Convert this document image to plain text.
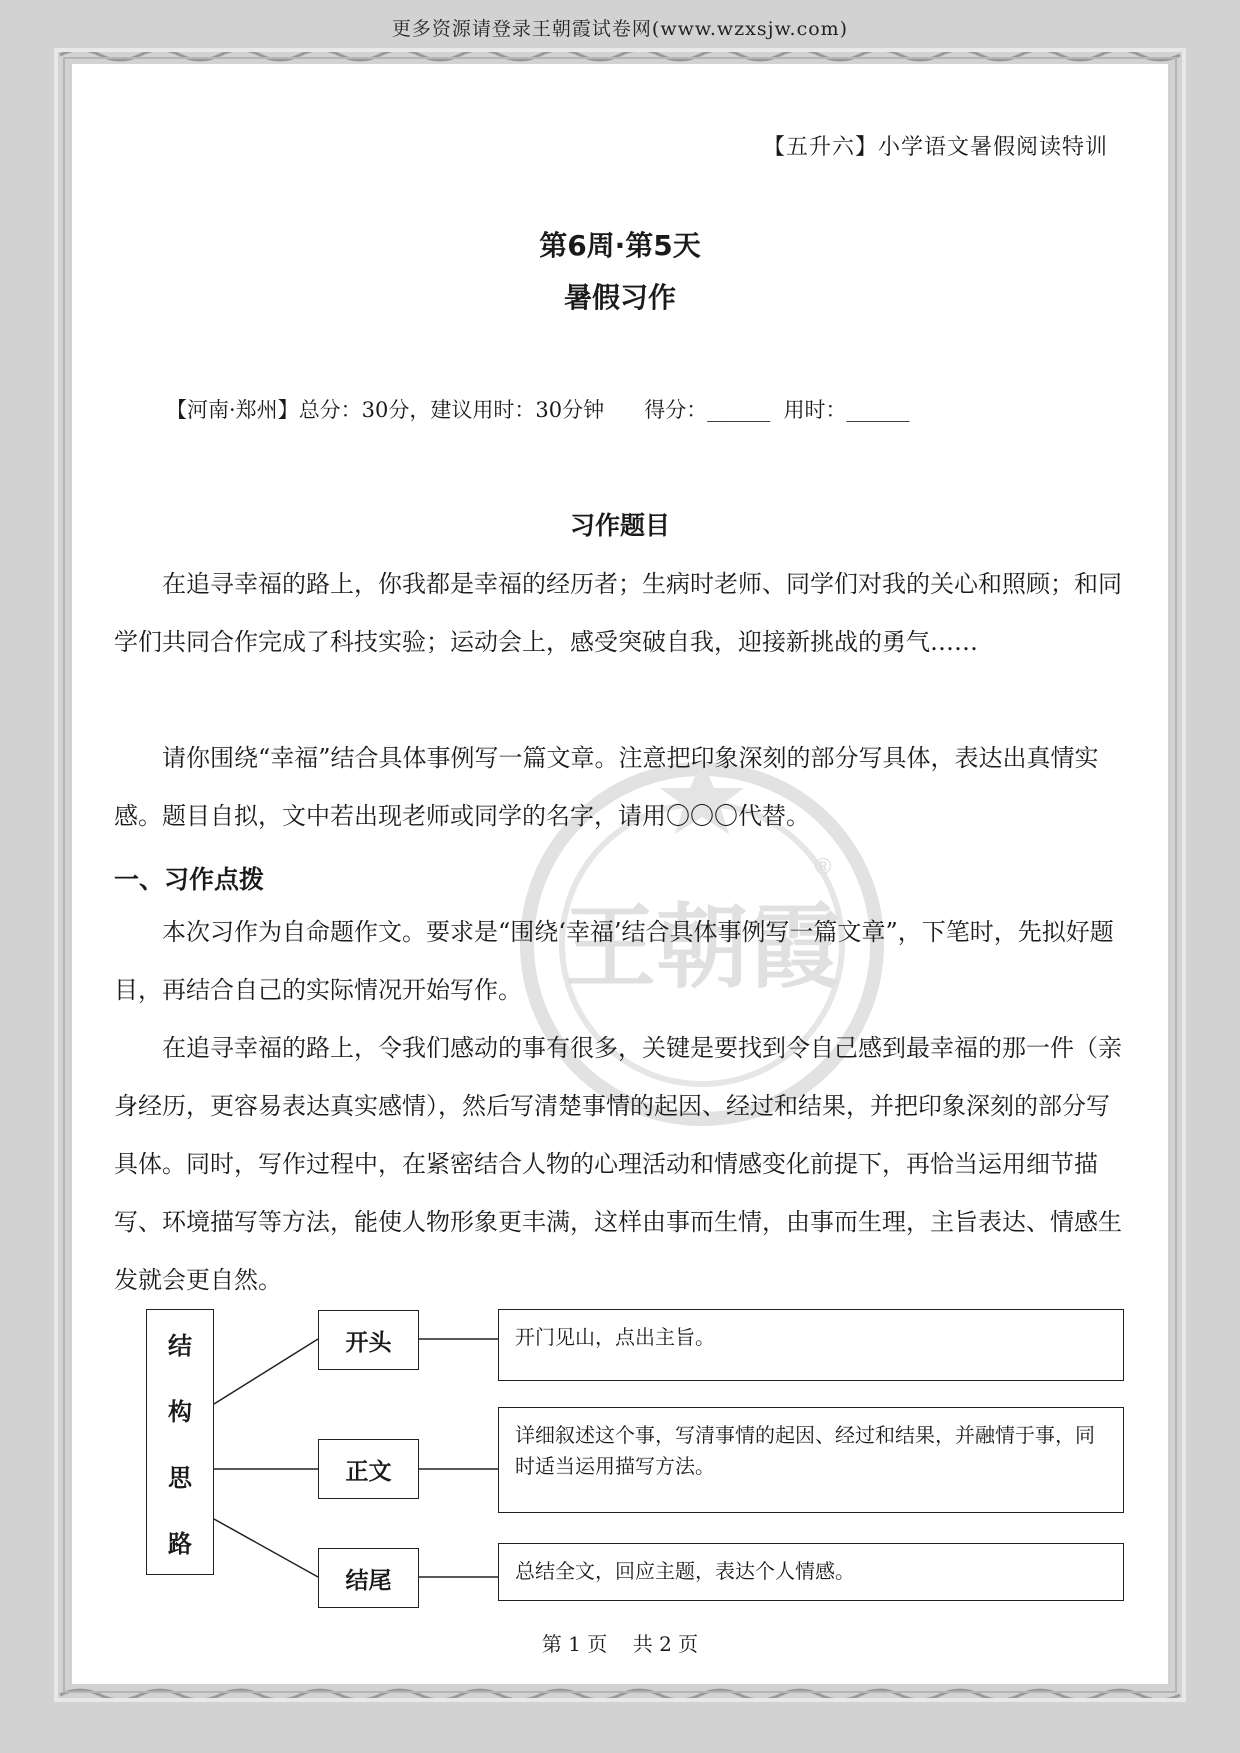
更多资源请登录王朝霞试卷网(www.wzxsjw.com)
王朝霞
®
【五升六】小学语文暑假阅读特训
第6周·第5天
暑假习作
【河南·郑州】总分：30分，建议用时：30分钟 得分：______ 用时：______
习作题目

在追寻幸福的路上，你我都是幸福的经历者；生病时老师、同学们对我的关心和照顾；和同学们共同合作完成了科技实验；运动会上，感受突破自我，迎接新挑战的勇气……

请你围绕“幸福”结合具体事例写一篇文章。注意把印象深刻的部分写具体，表达出真情实感。题目自拟，文中若出现老师或同学的名字，请用〇〇〇代替。

一、习作点拨

本次习作为自命题作文。要求是“围绕‘幸福’结合具体事例写一篇文章”，下笔时，先拟好题目，再结合自己的实际情况开始写作。

在追寻幸福的路上，令我们感动的事有很多，关键是要找到令自己感到最幸福的那一件（亲身经历，更容易表达真实感情），然后写清楚事情的起因、经过和结果，并把印象深刻的部分写具体。同时，写作过程中，在紧密结合人物的心理活动和情感变化前提下，再恰当运用细节描写、环境描写等方法，能使人物形象更丰满，这样由事而生情，由事而生理，主旨表达、情感生发就会更自然。

结
构
思
路
开头
正文
结尾
开门见山，点出主旨。
详细叙述这个事，写清事情的起因、经过和结果，并融情于事，同时适当运用描写方法。
总结全文，回应主题，表达个人情感。
第 1 页    共 2 页
